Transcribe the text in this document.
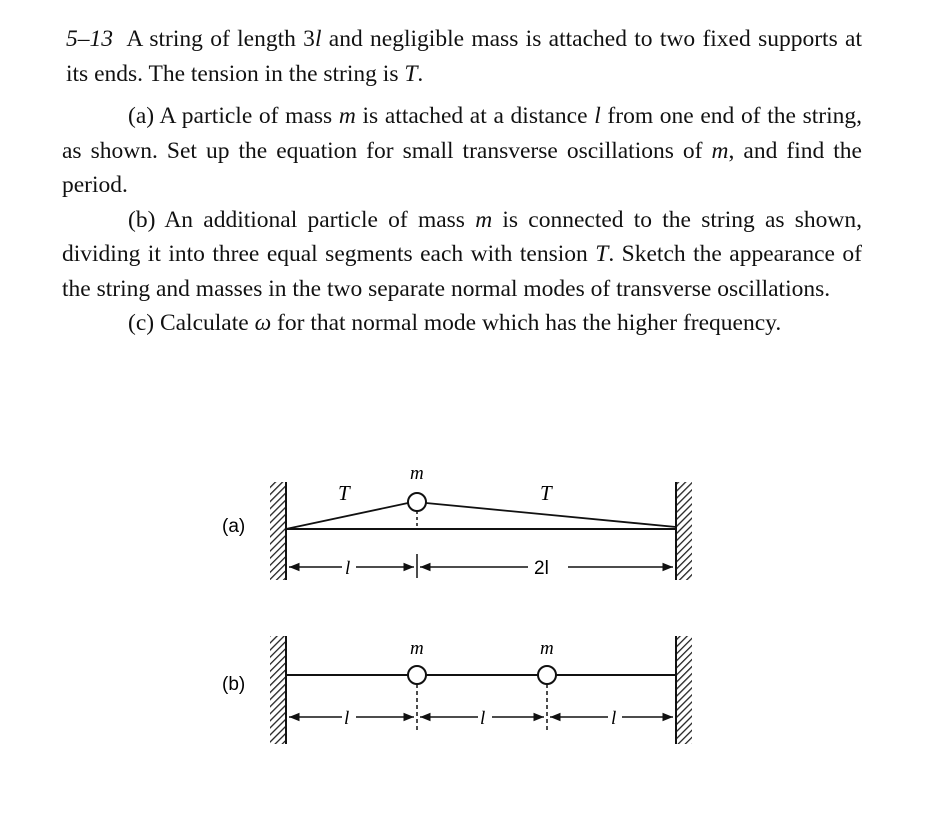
5–13 A string of length 3l and negligible mass is attached to two fixed supports at its ends. The tension in the string is T.

(a) A particle of mass m is attached at a distance l from one end of the string, as shown. Set up the equation for small transverse oscillations of m, and find the period.

(b) An additional particle of mass m is connected to the string as shown, dividing it into three equal segments each with tension T. Sketch the appearance of the string and masses in the two separate normal modes of transverse oscillations.

(c) Calculate ω for that normal mode which has the higher frequency.

(a)
m
T	T
l	2l
(b)
m	m
l	l	l
